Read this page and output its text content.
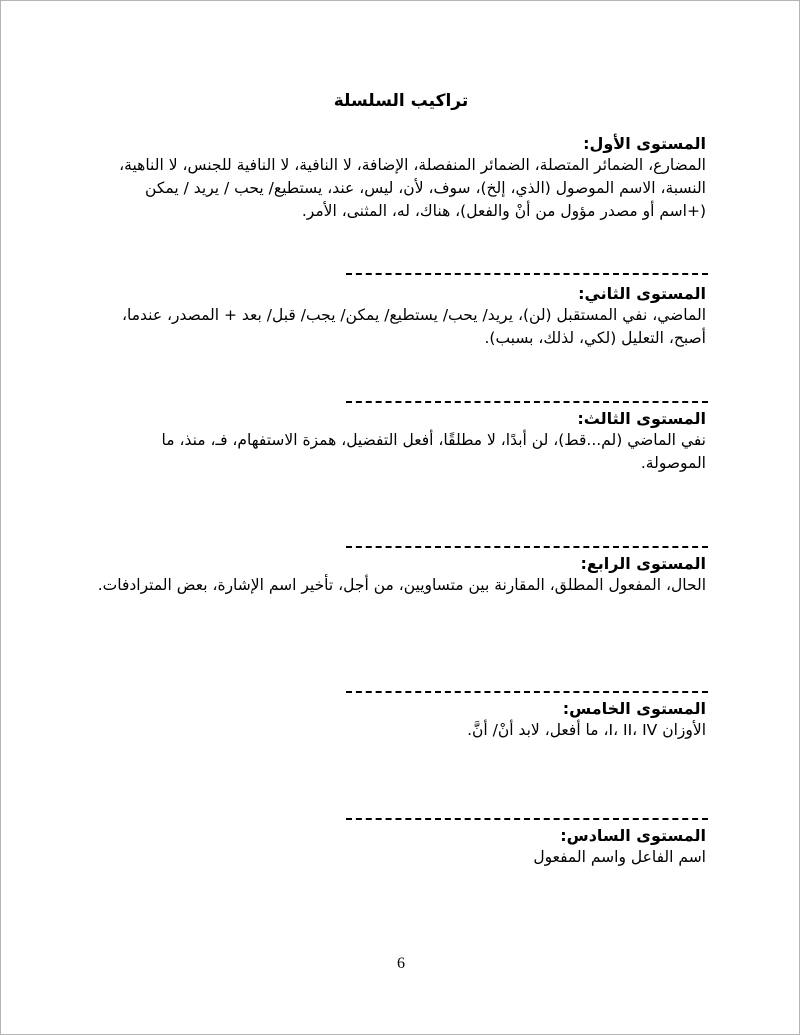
تراكيب السلسلة
المستوى الأول:
المضارع، الضمائر المتصلة، الضمائر المنفصلة، الإضافة، لا النافية، لا النافية للجنس، لا الناهية، النسبة، الاسم الموصول (الذي، إلخ)، سوف، لأن، ليس، عند، يستطيع/ يحب / يريد / يمكن (+اسم أو مصدر مؤول من أنْ والفعل)، هناك، له، المثنى، الأمر.
المستوى الثاني:
الماضي، نفي المستقبل (لن)، يريد/ يحب/ يستطيع/ يمكن/ يجب/ قبل/ بعد + المصدر، عندما، أصبح، التعليل (لكي، لذلك، بسبب).
المستوى الثالث:
نفي الماضي (لم...قط)، لن أبدًا، لا مطلقًا، أفعل التفضيل، همزة الاستفهام، فـ، منذ، ما الموصولة.
المستوى الرابع:
الحال، المفعول المطلق، المقارنة بين متساويين، من أجل، تأخير اسم الإشارة، بعض المترادفات.
المستوى الخامس:
الأوزان I، II، IV، ما أفعل، لابد أنْ/ أنَّ.
المستوى السادس:
اسم الفاعل واسم المفعول
6
